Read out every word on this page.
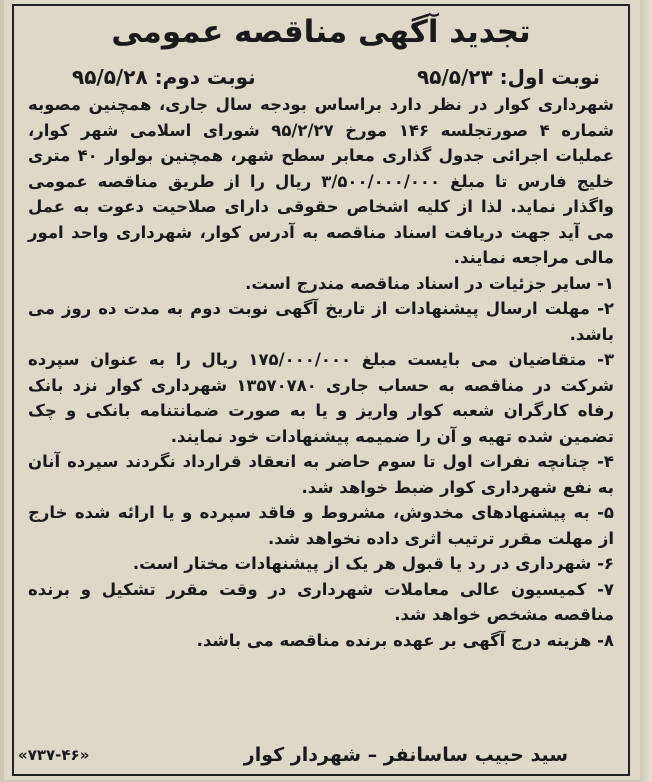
تجدید آگهی مناقصه عمومی
نوبت اول: ۹۵/۵/۲۳
نوبت دوم: ۹۵/۵/۲۸

شهرداری کوار در نظر دارد براساس بودجه سال جاری، همچنین مصوبه شماره ۴ صورتجلسه ۱۴۶ مورخ ۹۵/۲/۲۷ شورای اسلامی شهر کوار، عملیات اجرائی جدول گذاری معابر سطح شهر، همچنین بولوار ۴۰ متری خلیج فارس تا مبلغ ۳/۵۰۰/۰۰۰/۰۰۰ ریال را از طریق مناقصه عمومی واگذار نماید. لذا از کلیه اشخاص حقوقی دارای صلاحیت دعوت به عمل می آید جهت دریافت اسناد مناقصه به آدرس کوار، شهرداری واحد امور مالی مراجعه نمایند.

۱- سایر جزئیات در اسناد مناقصه مندرج است.

۲- مهلت ارسال پیشنهادات از تاریخ آگهی نوبت دوم به مدت ده روز می باشد.

۳- متقاضیان می بایست مبلغ ۱۷۵/۰۰۰/۰۰۰ ریال را به عنوان سپرده شرکت در مناقصه به حساب جاری ۱۳۵۷۰۷۸۰ شهرداری کوار نزد بانک رفاه کارگران شعبه کوار واریز و یا به صورت ضمانتنامه بانکی و چک تضمین شده تهیه و آن را ضمیمه پیشنهادات خود نمایند.

۴- چنانچه نفرات اول تا سوم حاضر به انعقاد قرارداد نگردند سپرده آنان به نفع شهرداری کوار ضبط خواهد شد.

۵- به پیشنهادهای مخدوش، مشروط و فاقد سپرده و یا ارائه شده خارج از مهلت مقرر ترتیب اثری داده نخواهد شد.

۶- شهرداری در رد یا قبول هر یک از پیشنهادات مختار است.

۷- کمیسیون عالی معاملات شهرداری در وقت مقرر تشکیل و برنده مناقصه مشخص خواهد شد.

۸- هزینه درج آگهی بر عهده برنده مناقصه می باشد.

سید حبیب ساسانفر – شهردار کوار
«۷۳۷-۴۶»
